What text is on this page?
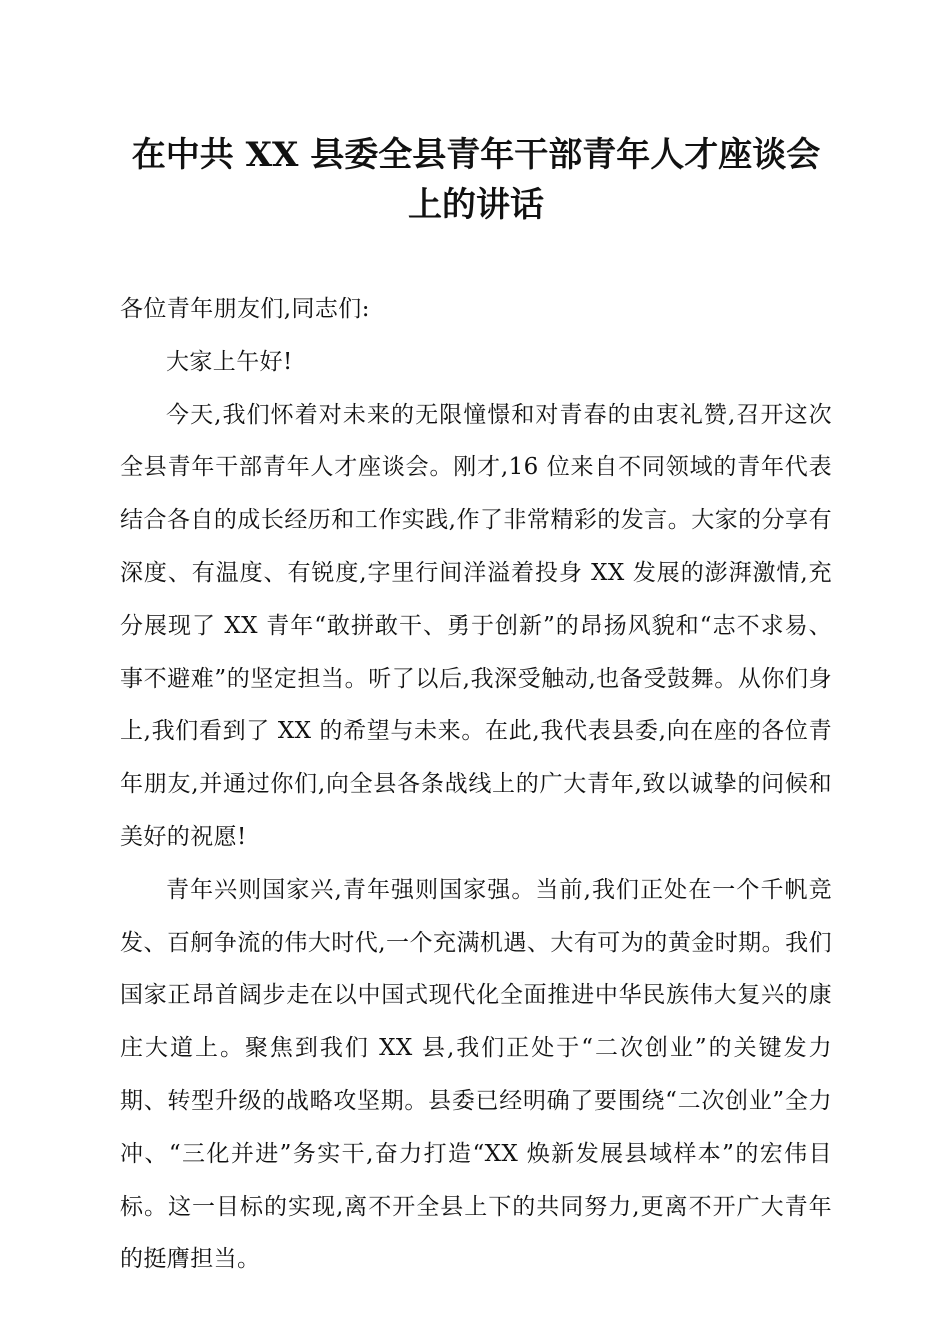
在中共 XX 县委全县青年干部青年人才座谈会
上的讲话

各位青年朋友们,同志们:

大家上午好!

今天,我们怀着对未来的无限憧憬和对青春的由衷礼赞,召开这次全县青年干部青年人才座谈会。刚才,16 位来自不同领域的青年代表结合各自的成长经历和工作实践,作了非常精彩的发言。大家的分享有深度、有温度、有锐度,字里行间洋溢着投身 XX 发展的澎湃激情,充分展现了 XX 青年“敢拼敢干、勇于创新”的昂扬风貌和“志不求易、事不避难”的坚定担当。听了以后,我深受触动,也备受鼓舞。从你们身上,我们看到了 XX 的希望与未来。在此,我代表县委,向在座的各位青年朋友,并通过你们,向全县各条战线上的广大青年,致以诚挚的问候和美好的祝愿!

青年兴则国家兴,青年强则国家强。当前,我们正处在一个千帆竞发、百舸争流的伟大时代,一个充满机遇、大有可为的黄金时期。我们国家正昂首阔步走在以中国式现代化全面推进中华民族伟大复兴的康庄大道上。聚焦到我们 XX 县,我们正处于“二次创业”的关键发力期、转型升级的战略攻坚期。县委已经明确了要围绕“二次创业”全力冲、“三化并进”务实干,奋力打造“XX 焕新发展县域样本”的宏伟目标。这一目标的实现,离不开全县上下的共同努力,更离不开广大青年的挺膺担当。
